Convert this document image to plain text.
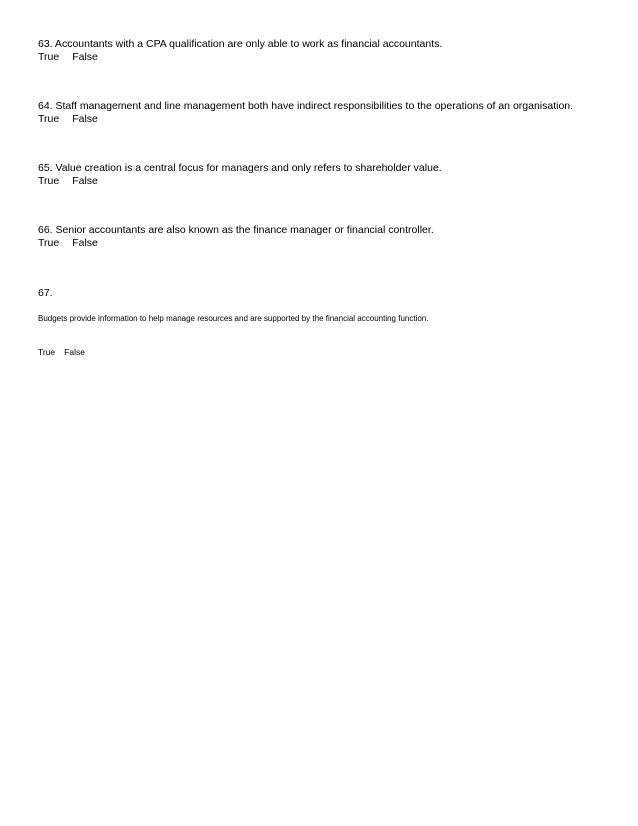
63. Accountants with a CPA qualification are only able to work as financial accountants.
True False
64. Staff management and line management both have indirect responsibilities to the operations of an organisation.
True False
65. Value creation is a central focus for managers and only refers to shareholder value.
True False
66. Senior accountants are also known as the finance manager or financial controller.
True False
67.
Budgets provide information to help manage resources and are supported by the financial accounting function.
True False
